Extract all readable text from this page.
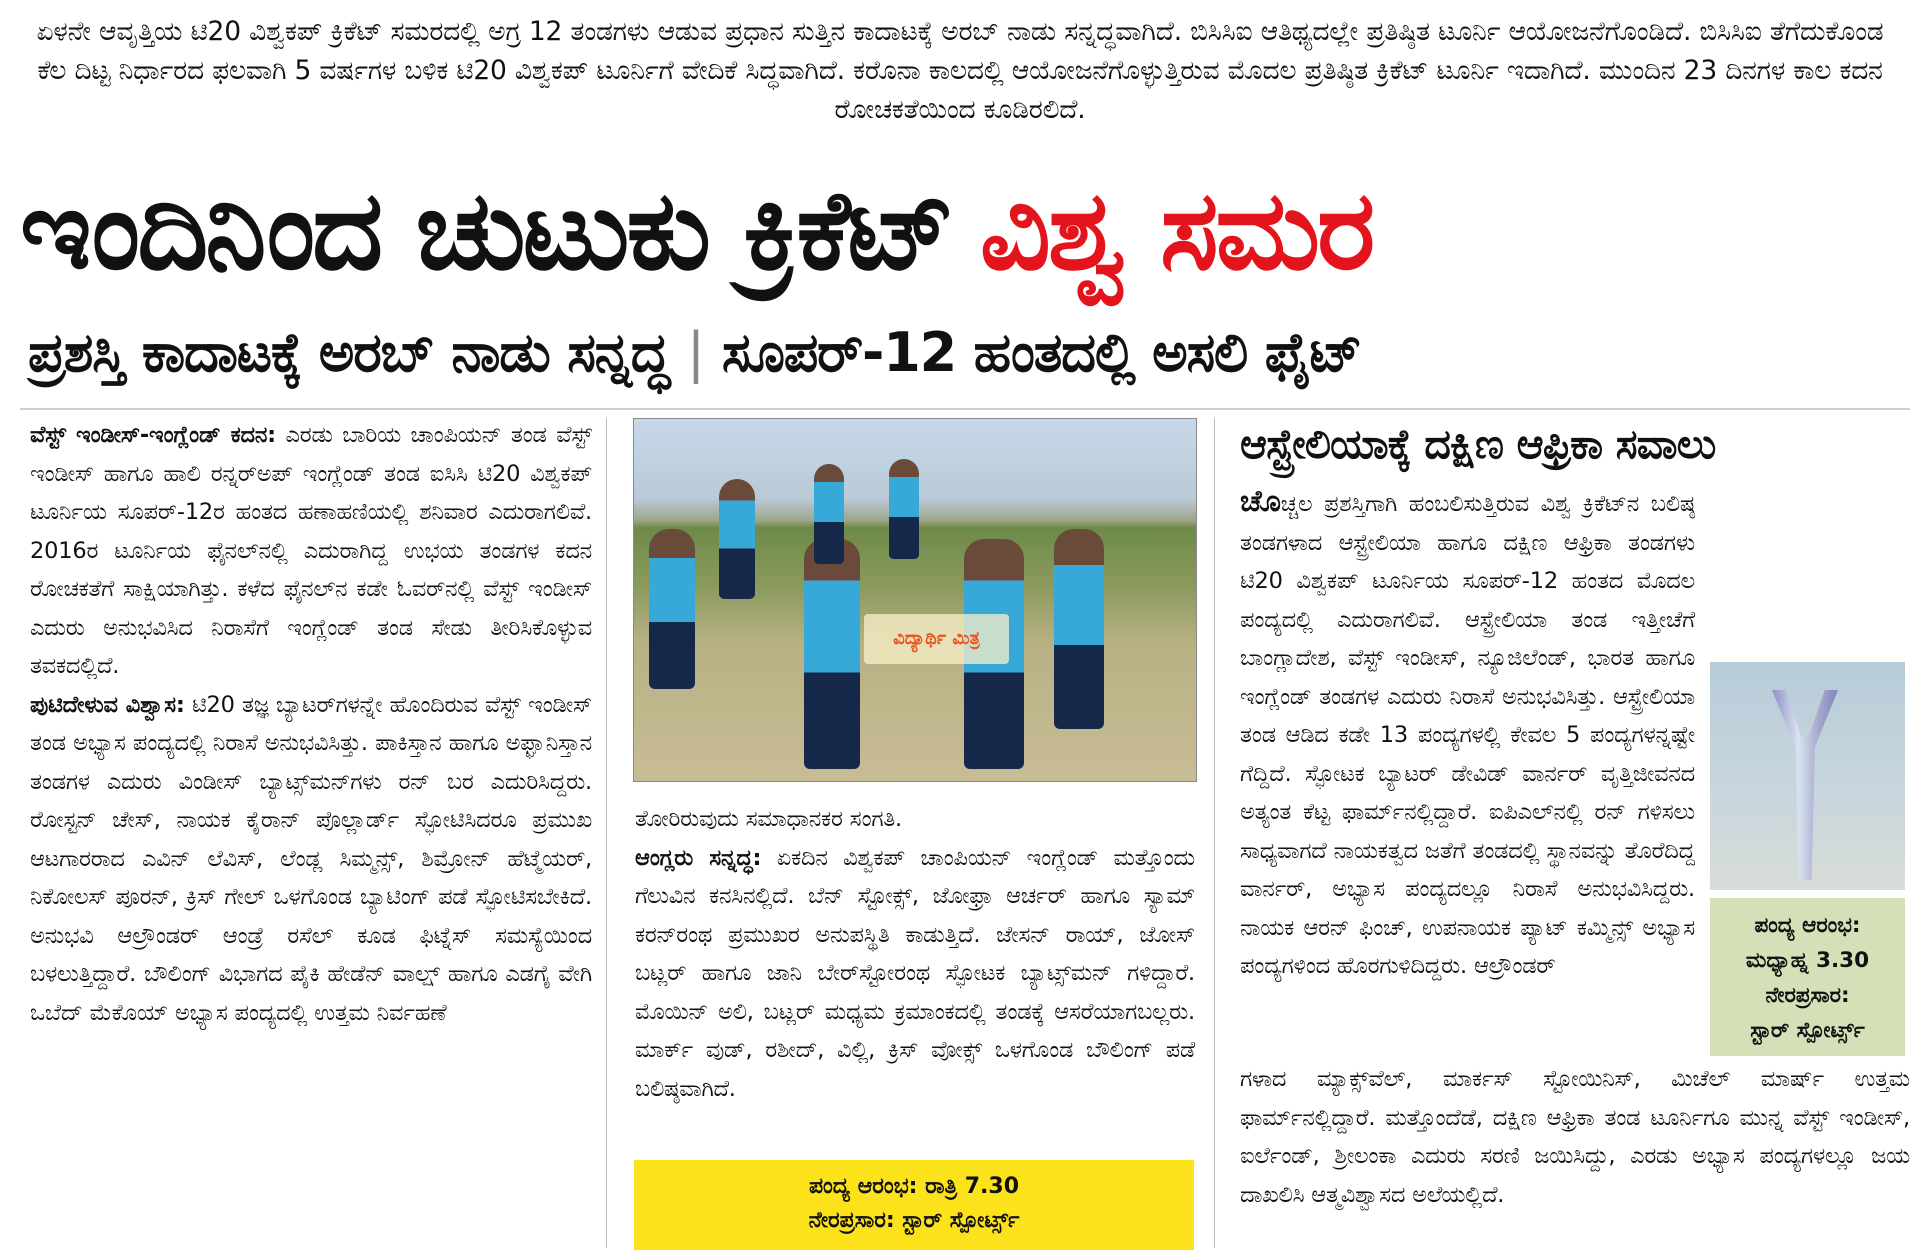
ಏಳನೇ ಆವೃತ್ತಿಯ ಟಿ20 ವಿಶ್ವಕಪ್ ಕ್ರಿಕೆಟ್ ಸಮರದಲ್ಲಿ ಅಗ್ರ 12 ತಂಡಗಳು ಆಡುವ ಪ್ರಧಾನ ಸುತ್ತಿನ ಕಾದಾಟಕ್ಕೆ ಅರಬ್ ನಾಡು ಸನ್ನದ್ಧವಾಗಿದೆ. ಬಿಸಿಸಿಐ ಆತಿಥ್ಯದಲ್ಲೇ ಪ್ರತಿಷ್ಠಿತ ಟೂರ್ನಿ ಆಯೋಜನೆಗೊಂಡಿದೆ. ಬಿಸಿಸಿಐ ತೆಗೆದುಕೊಂಡ ಕೆಲ ದಿಟ್ಟ ನಿರ್ಧಾರದ ಫಲವಾಗಿ 5 ವರ್ಷಗಳ ಬಳಿಕ ಟಿ20 ವಿಶ್ವಕಪ್ ಟೂರ್ನಿಗೆ ವೇದಿಕೆ ಸಿದ್ಧವಾಗಿದೆ. ಕರೊನಾ ಕಾಲದಲ್ಲಿ ಆಯೋಜನೆಗೊಳ್ಳುತ್ತಿರುವ ಮೊದಲ ಪ್ರತಿಷ್ಠಿತ ಕ್ರಿಕೆಟ್ ಟೂರ್ನಿ ಇದಾಗಿದೆ. ಮುಂದಿನ 23 ದಿನಗಳ ಕಾಲ ಕದನ ರೋಚಕತೆಯಿಂದ ಕೂಡಿರಲಿದೆ.
ಇಂದಿನಿಂದ ಚುಟುಕು ಕ್ರಿಕೆಟ್ ವಿಶ್ವ ಸಮರ
ಪ್ರಶಸ್ತಿ ಕಾದಾಟಕ್ಕೆ ಅರಬ್ ನಾಡು ಸನ್ನದ್ಧ | ಸೂಪರ್-12 ಹಂತದಲ್ಲಿ ಅಸಲಿ ಫೈಟ್

ವೆಸ್ಟ್ ಇಂಡೀಸ್-ಇಂಗ್ಲೆಂಡ್ ಕದನ: ಎರಡು ಬಾರಿಯ ಚಾಂಪಿಯನ್ ತಂಡ ವೆಸ್ಟ್ ಇಂಡೀಸ್ ಹಾಗೂ ಹಾಲಿ ರನ್ನರ್‌ಅಪ್ ಇಂಗ್ಲೆಂಡ್ ತಂಡ ಐಸಿಸಿ ಟಿ20 ವಿಶ್ವಕಪ್ ಟೂರ್ನಿಯ ಸೂಪರ್-12ರ ಹಂತದ ಹಣಾಹಣಿಯಲ್ಲಿ ಶನಿವಾರ ಎದುರಾಗಲಿವೆ. 2016ರ ಟೂರ್ನಿಯ ಫೈನಲ್‌ನಲ್ಲಿ ಎದುರಾಗಿದ್ದ ಉಭಯ ತಂಡಗಳ ಕದನ ರೋಚಕತೆಗೆ ಸಾಕ್ಷಿಯಾಗಿತ್ತು. ಕಳೆದ ಫೈನಲ್‌ನ ಕಡೇ ಓವರ್‌ನಲ್ಲಿ ವೆಸ್ಟ್ ಇಂಡೀಸ್ ಎದುರು ಅನುಭವಿಸಿದ ನಿರಾಸೆಗೆ ಇಂಗ್ಲೆಂಡ್ ತಂಡ ಸೇಡು ತೀರಿಸಿಕೊಳ್ಳುವ ತವಕದಲ್ಲಿದೆ.

ಪುಟಿದೇಳುವ ವಿಶ್ವಾಸ: ಟಿ20 ತಜ್ಞ ಬ್ಯಾಟರ್‌ಗಳನ್ನೇ ಹೊಂದಿರುವ ವೆಸ್ಟ್ ಇಂಡೀಸ್ ತಂಡ ಅಭ್ಯಾಸ ಪಂದ್ಯದಲ್ಲಿ ನಿರಾಸೆ ಅನುಭವಿಸಿತ್ತು. ಪಾಕಿಸ್ತಾನ ಹಾಗೂ ಅಫ್ಘಾನಿಸ್ತಾನ ತಂಡಗಳ ಎದುರು ವಿಂಡೀಸ್ ಬ್ಯಾಟ್ಸ್‌ಮನ್‌ಗಳು ರನ್ ಬರ ಎದುರಿಸಿದ್ದರು. ರೋಸ್ಟನ್ ಚೇಸ್, ನಾಯಕ ಕೈರಾನ್ ಪೊಲ್ಲಾರ್ಡ್ ಸ್ಫೋಟಿಸಿದರೂ ಪ್ರಮುಖ ಆಟಗಾರರಾದ ಎವಿನ್ ಲೆವಿಸ್, ಲೆಂಡ್ಲ ಸಿಮ್ಮನ್ಸ್, ಶಿಮ್ರೋನ್ ಹೆಟ್ಮೆಯರ್, ನಿಕೋಲಸ್ ಪೂರನ್, ಕ್ರಿಸ್ ಗೇಲ್ ಒಳಗೊಂಡ ಬ್ಯಾಟಿಂಗ್ ಪಡೆ ಸ್ಫೋಟಿಸಬೇಕಿದೆ. ಅನುಭವಿ ಆಲ್ರೌಂಡರ್ ಆಂಡ್ರೆ ರಸೆಲ್ ಕೂಡ ಫಿಟ್ನೆಸ್ ಸಮಸ್ಯೆಯಿಂದ ಬಳಲುತ್ತಿದ್ದಾರೆ. ಬೌಲಿಂಗ್ ವಿಭಾಗದ ಪೈಕಿ ಹೇಡೆನ್ ವಾಲ್ಷ್ ಹಾಗೂ ಎಡಗೈ ವೇಗಿ ಒಬೆದ್ ಮೆಕೊಯ್ ಅಭ್ಯಾಸ ಪಂದ್ಯದಲ್ಲಿ ಉತ್ತಮ ನಿರ್ವಹಣೆ

ವಿದ್ಯಾರ್ಥಿ ಮಿತ್ರ

ತೋರಿರುವುದು ಸಮಾಧಾನಕರ ಸಂಗತಿ.

ಆಂಗ್ಲರು ಸನ್ನದ್ಧ: ಏಕದಿನ ವಿಶ್ವಕಪ್ ಚಾಂಪಿಯನ್ ಇಂಗ್ಲೆಂಡ್ ಮತ್ತೊಂದು ಗೆಲುವಿನ ಕನಸಿನಲ್ಲಿದೆ. ಬೆನ್ ಸ್ಟೋಕ್ಸ್, ಜೋಫ್ರಾ ಆರ್ಚರ್ ಹಾಗೂ ಸ್ಯಾಮ್ ಕರನ್‌ರಂಥ ಪ್ರಮುಖರ ಅನುಪಸ್ಥಿತಿ ಕಾಡುತ್ತಿದೆ. ಜೇಸನ್ ರಾಯ್, ಜೋಸ್ ಬಟ್ಲರ್ ಹಾಗೂ ಜಾನಿ ಬೇರ್‌ಸ್ಟೋರಂಥ ಸ್ಫೋಟಕ ಬ್ಯಾಟ್ಸ್‌ಮನ್ ಗಳಿದ್ದಾರೆ. ಮೊಯಿನ್ ಅಲಿ, ಬಟ್ಲರ್ ಮಧ್ಯಮ ಕ್ರಮಾಂಕದಲ್ಲಿ ತಂಡಕ್ಕೆ ಆಸರೆಯಾಗಬಲ್ಲರು. ಮಾರ್ಕ್ ವುಡ್, ರಶೀದ್, ವಿಲ್ಲಿ, ಕ್ರಿಸ್ ವೋಕ್ಸ್ ಒಳಗೊಂಡ ಬೌಲಿಂಗ್ ಪಡೆ ಬಲಿಷ್ಠವಾಗಿದೆ.

ಪಂದ್ಯ ಆರಂಭ: ರಾತ್ರಿ 7.30
ನೇರಪ್ರಸಾರ: ಸ್ಟಾರ್ ಸ್ಪೋರ್ಟ್ಸ್
ಆಸ್ಟ್ರೇಲಿಯಾಕ್ಕೆ ದಕ್ಷಿಣ ಆಫ್ರಿಕಾ ಸವಾಲು

ಚೊಚ್ಚಲ ಪ್ರಶಸ್ತಿಗಾಗಿ ಹಂಬಲಿಸುತ್ತಿರುವ ವಿಶ್ವ ಕ್ರಿಕೆಟ್‌ನ ಬಲಿಷ್ಠ ತಂಡಗಳಾದ ಆಸ್ಟ್ರೇಲಿಯಾ ಹಾಗೂ ದಕ್ಷಿಣ ಆಫ್ರಿಕಾ ತಂಡಗಳು ಟಿ20 ವಿಶ್ವಕಪ್ ಟೂರ್ನಿಯ ಸೂಪರ್-12 ಹಂತದ ಮೊದಲ ಪಂದ್ಯದಲ್ಲಿ ಎದುರಾಗಲಿವೆ. ಆಸ್ಟ್ರೇಲಿಯಾ ತಂಡ ಇತ್ತೀಚೆಗೆ ಬಾಂಗ್ಲಾದೇಶ, ವೆಸ್ಟ್ ಇಂಡೀಸ್, ನ್ಯೂಜಿಲೆಂಡ್, ಭಾರತ ಹಾಗೂ ಇಂಗ್ಲೆಂಡ್ ತಂಡಗಳ ಎದುರು ನಿರಾಸೆ ಅನುಭವಿಸಿತ್ತು. ಆಸ್ಟ್ರೇಲಿಯಾ ತಂಡ ಆಡಿದ ಕಡೇ 13 ಪಂದ್ಯಗಳಲ್ಲಿ ಕೇವಲ 5 ಪಂದ್ಯಗಳನ್ನಷ್ಟೇ ಗೆದ್ದಿದೆ. ಸ್ಫೋಟಕ ಬ್ಯಾಟರ್ ಡೇವಿಡ್ ವಾರ್ನರ್ ವೃತ್ತಿಜೀವನದ ಅತ್ಯಂತ ಕೆಟ್ಟ ಫಾರ್ಮ್‌ನಲ್ಲಿದ್ದಾರೆ. ಐಪಿಎಲ್‌ನಲ್ಲಿ ರನ್ ಗಳಿಸಲು ಸಾಧ್ಯವಾಗದೆ ನಾಯಕತ್ವದ ಜತೆಗೆ ತಂಡದಲ್ಲಿ ಸ್ಥಾನವನ್ನು ತೊರೆದಿದ್ದ ವಾರ್ನರ್, ಅಭ್ಯಾಸ ಪಂದ್ಯದಲ್ಲೂ ನಿರಾಸೆ ಅನುಭವಿಸಿದ್ದರು. ನಾಯಕ ಆರನ್ ಫಿಂಚ್, ಉಪನಾಯಕ ಪ್ಯಾಟ್ ಕಮ್ಮಿನ್ಸ್ ಅಭ್ಯಾಸ ಪಂದ್ಯಗಳಿಂದ ಹೊರಗುಳಿದಿದ್ದರು. ಆಲ್ರೌಂಡರ್

ಗಳಾದ ಮ್ಯಾಕ್ಸ್‌ವೆಲ್, ಮಾರ್ಕಸ್ ಸ್ಟೋಯಿನಿಸ್, ಮಿಚೆಲ್ ಮಾರ್ಷ್ ಉತ್ತಮ ಫಾರ್ಮ್‌ನಲ್ಲಿದ್ದಾರೆ. ಮತ್ತೊಂದೆಡೆ, ದಕ್ಷಿಣ ಆಫ್ರಿಕಾ ತಂಡ ಟೂರ್ನಿಗೂ ಮುನ್ನ ವೆಸ್ಟ್ ಇಂಡೀಸ್, ಐರ್ಲೆಂಡ್, ಶ್ರೀಲಂಕಾ ಎದುರು ಸರಣಿ ಜಯಿಸಿದ್ದು, ಎರಡು ಅಭ್ಯಾಸ ಪಂದ್ಯಗಳಲ್ಲೂ ಜಯ ದಾಖಲಿಸಿ ಆತ್ಮವಿಶ್ವಾಸದ ಅಲೆಯಲ್ಲಿದೆ.

ಪಂದ್ಯ ಆರಂಭ:
ಮಧ್ಯಾಹ್ನ 3.30
ನೇರಪ್ರಸಾರ:
ಸ್ಟಾರ್ ಸ್ಪೋರ್ಟ್ಸ್
